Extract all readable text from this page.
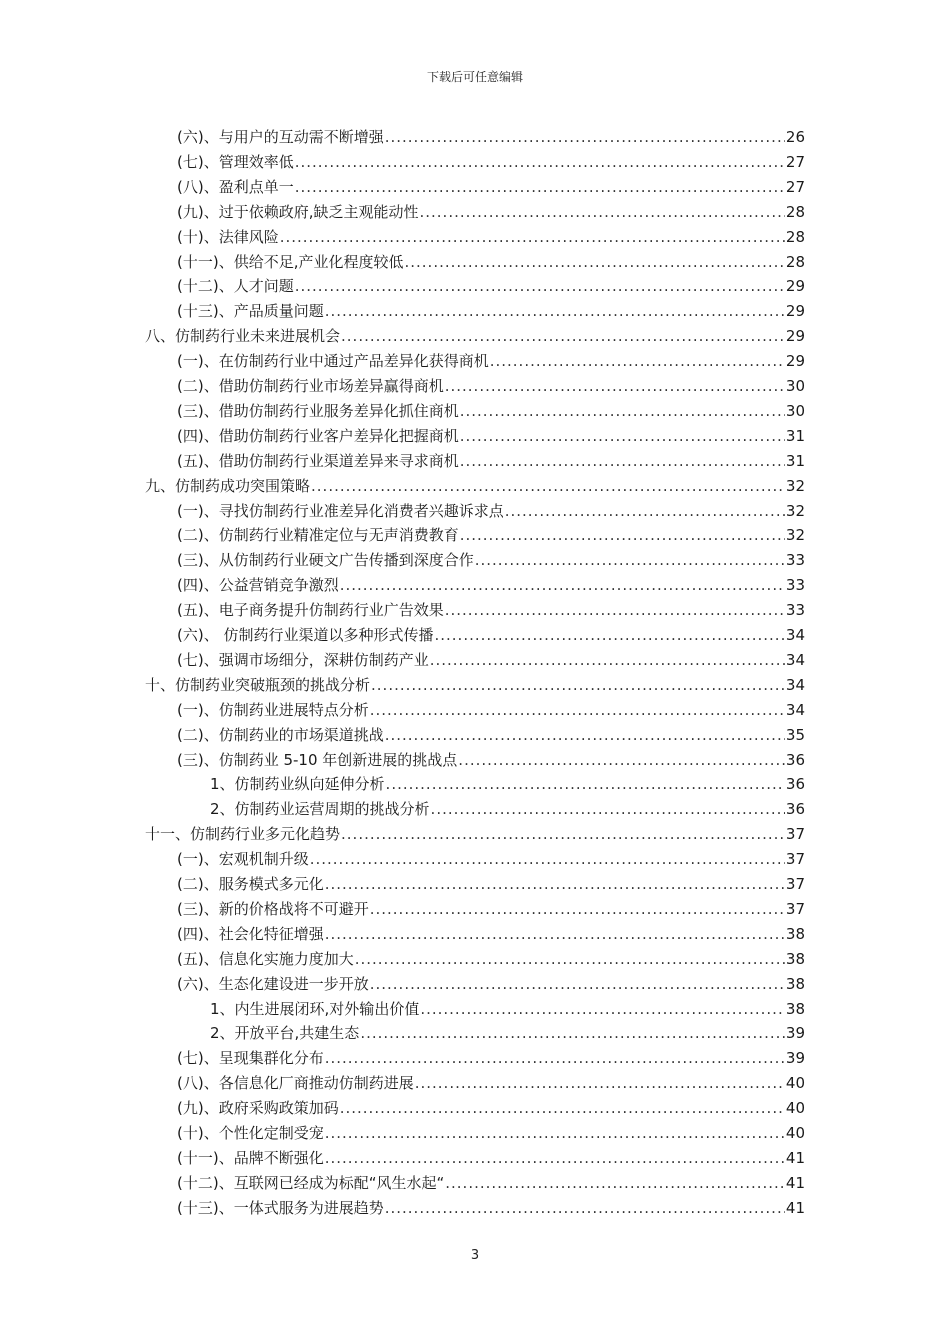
下载后可任意编辑
(六)、与用户的互动需不断增强 .....	26
(七)、管理效率低 .....	27
(八)、盈利点单一 .....	27
(九)、过于依赖政府,缺乏主观能动性 .....	28
(十)、法律风险 .....	28
(十一)、供给不足,产业化程度较低 .....	28
(十二)、人才问题 .....	29
(十三)、产品质量问题 .....	29
八、仿制药行业未来进展机会 .....	29
(一)、在仿制药行业中通过产品差异化获得商机 .....	29
(二)、借助仿制药行业市场差异赢得商机 .....	30
(三)、借助仿制药行业服务差异化抓住商机 .....	30
(四)、借助仿制药行业客户差异化把握商机 .....	31
(五)、借助仿制药行业渠道差异来寻求商机 .....	31
九、仿制药成功突围策略 .....	32
(一)、寻找仿制药行业准差异化消费者兴趣诉求点 .....	32
(二)、仿制药行业精准定位与无声消费教育 .....	32
(三)、从仿制药行业硬文广告传播到深度合作 .....	33
(四)、公益营销竞争激烈 .....	33
(五)、电子商务提升仿制药行业广告效果 .....	33
(六)、 仿制药行业渠道以多种形式传播 .....	34
(七)、强调市场细分，深耕仿制药产业 .....	34
十、仿制药业突破瓶颈的挑战分析 .....	34
(一)、仿制药业进展特点分析 .....	34
(二)、仿制药业的市场渠道挑战 .....	35
(三)、仿制药业 5-10 年创新进展的挑战点 .....	36
1、仿制药业纵向延伸分析 .....	36
2、仿制药业运营周期的挑战分析 .....	36
十一、仿制药行业多元化趋势 .....	37
(一)、宏观机制升级 .....	37
(二)、服务模式多元化 .....	37
(三)、新的价格战将不可避开 .....	37
(四)、社会化特征增强 .....	38
(五)、信息化实施力度加大 .....	38
(六)、生态化建设进一步开放 .....	38
1、内生进展闭环,对外输出价值 .....	38
2、开放平台,共建生态 .....	39
(七)、呈现集群化分布 .....	39
(八)、各信息化厂商推动仿制药进展 .....	40
(九)、政府采购政策加码 .....	40
(十)、个性化定制受宠 .....	40
(十一)、品牌不断强化 .....	41
(十二)、互联网已经成为标配“风生水起“ .....	41
(十三)、一体式服务为进展趋势 .....	41
3
